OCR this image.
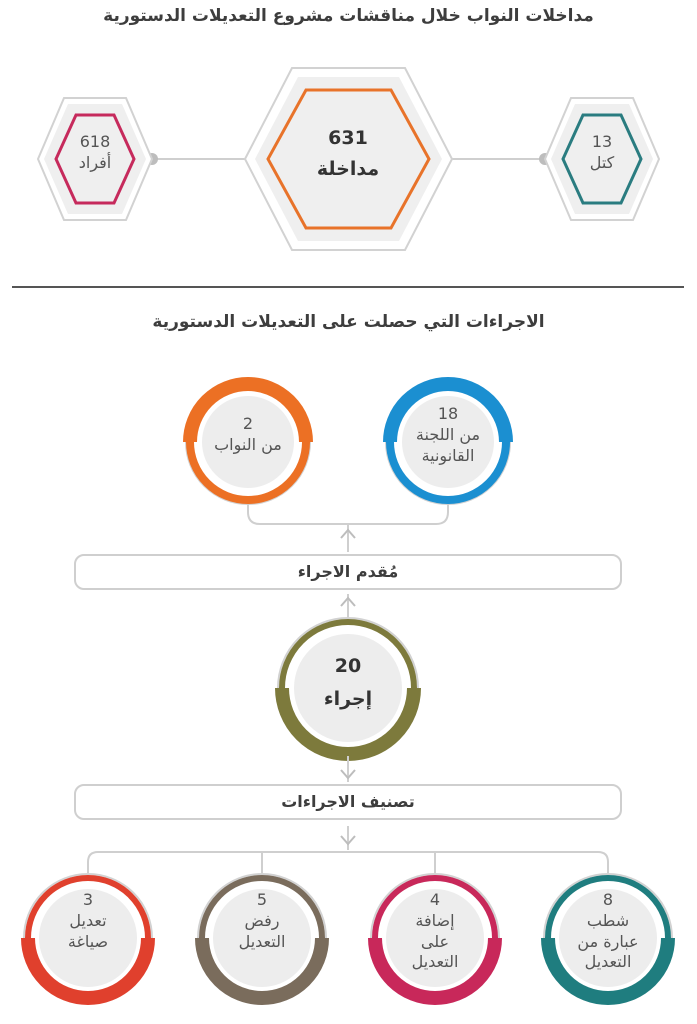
مداخلات النواب خلال مناقشات مشروع التعديلات الدستورية
618
أفراد
13
كتل
631
مداخلة
الاجراءات التي حصلت على التعديلات الدستورية
2
من النواب
18
من اللجنة
القانونية
مُقدم الاجراء
20
إجراء
تصنيف الاجراءات
3
تعديل
صياغة
5
رفض
التعديل
4
إضافة
على
التعديل
8
شطب
عبارة من
التعديل
